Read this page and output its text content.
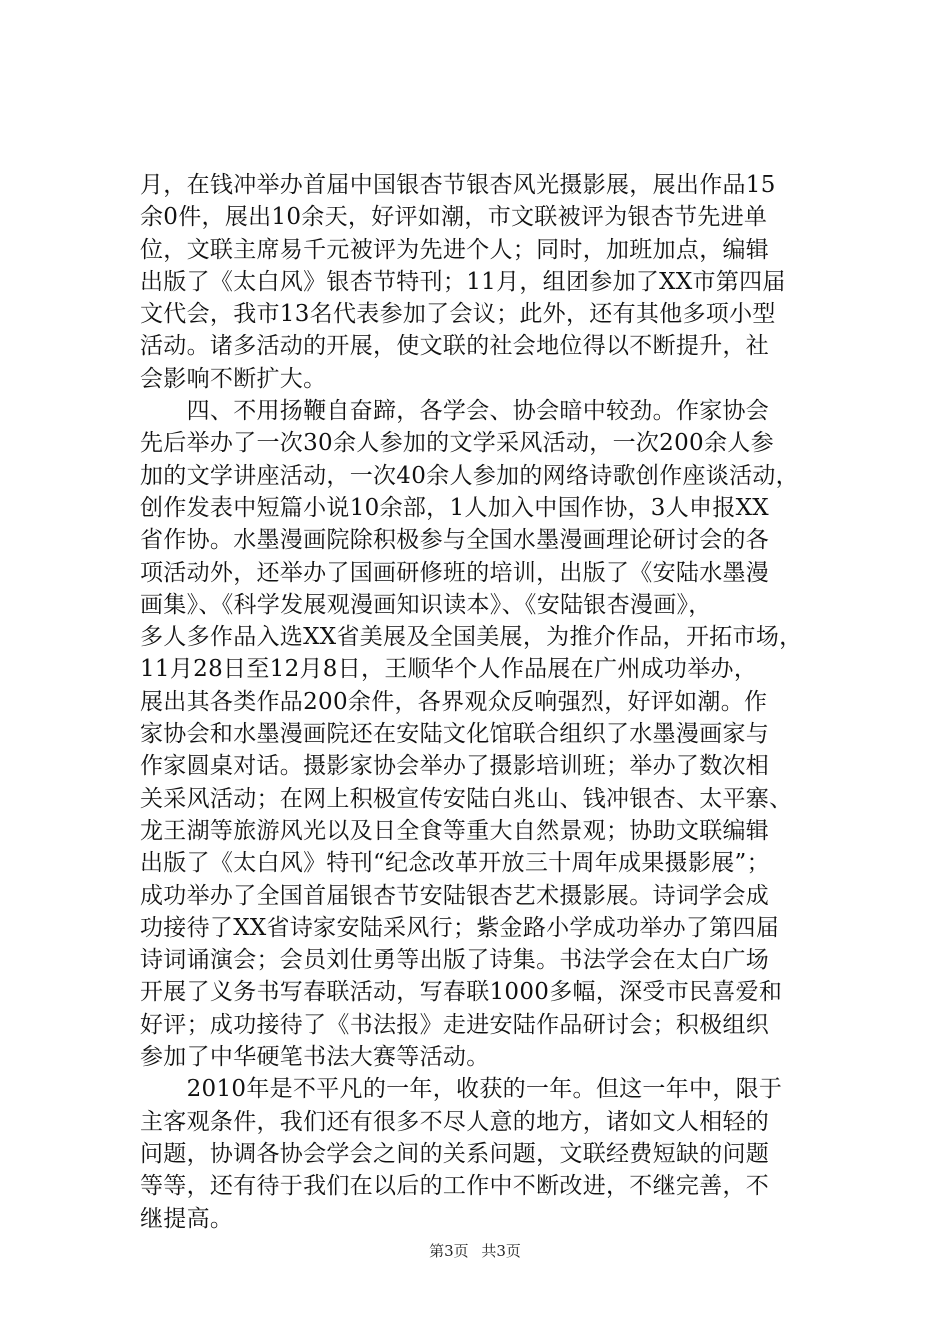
月，在钱冲举办首届中国银杏节银杏风光摄影展，展出作品15
余0件，展出10余天，好评如潮，市文联被评为银杏节先进单
位，文联主席易千元被评为先进个人；同时，加班加点，编辑
出版了《太白风》银杏节特刊；11月，组团参加了XX市第四届
文代会，我市13名代表参加了会议；此外，还有其他多项小型
活动。诸多活动的开展，使文联的社会地位得以不断提升，社
会影响不断扩大。
　　四、不用扬鞭自奋蹄，各学会、协会暗中较劲。作家协会
先后举办了一次30余人参加的文学采风活动，一次200余人参
加的文学讲座活动，一次40余人参加的网络诗歌创作座谈活动，
创作发表中短篇小说10余部，1人加入中国作协，3人申报XX
省作协。水墨漫画院除积极参与全国水墨漫画理论研讨会的各
项活动外，还举办了国画研修班的培训，出版了《安陆水墨漫
画集》、《科学发展观漫画知识读本》、《安陆银杏漫画》，
多人多作品入选XX省美展及全国美展，为推介作品，开拓市场，
11月28日至12月8日，王顺华个人作品展在广州成功举办，
展出其各类作品200余件，各界观众反响强烈，好评如潮。作
家协会和水墨漫画院还在安陆文化馆联合组织了水墨漫画家与
作家圆桌对话。摄影家协会举办了摄影培训班；举办了数次相
关采风活动；在网上积极宣传安陆白兆山、钱冲银杏、太平寨、
龙王湖等旅游风光以及日全食等重大自然景观；协助文联编辑
出版了《太白风》特刊“纪念改革开放三十周年成果摄影展”；
成功举办了全国首届银杏节安陆银杏艺术摄影展。诗词学会成
功接待了XX省诗家安陆采风行；紫金路小学成功举办了第四届
诗词诵演会；会员刘仕勇等出版了诗集。书法学会在太白广场
开展了义务书写春联活动，写春联1000多幅，深受市民喜爱和
好评；成功接待了《书法报》走进安陆作品研讨会；积极组织
参加了中华硬笔书法大赛等活动。
　　2010年是不平凡的一年，收获的一年。但这一年中，限于
主客观条件，我们还有很多不尽人意的地方，诸如文人相轻的
问题，协调各协会学会之间的关系问题，文联经费短缺的问题
等等，还有待于我们在以后的工作中不断改进，不继完善，不
继提高。
第3页 共3页
